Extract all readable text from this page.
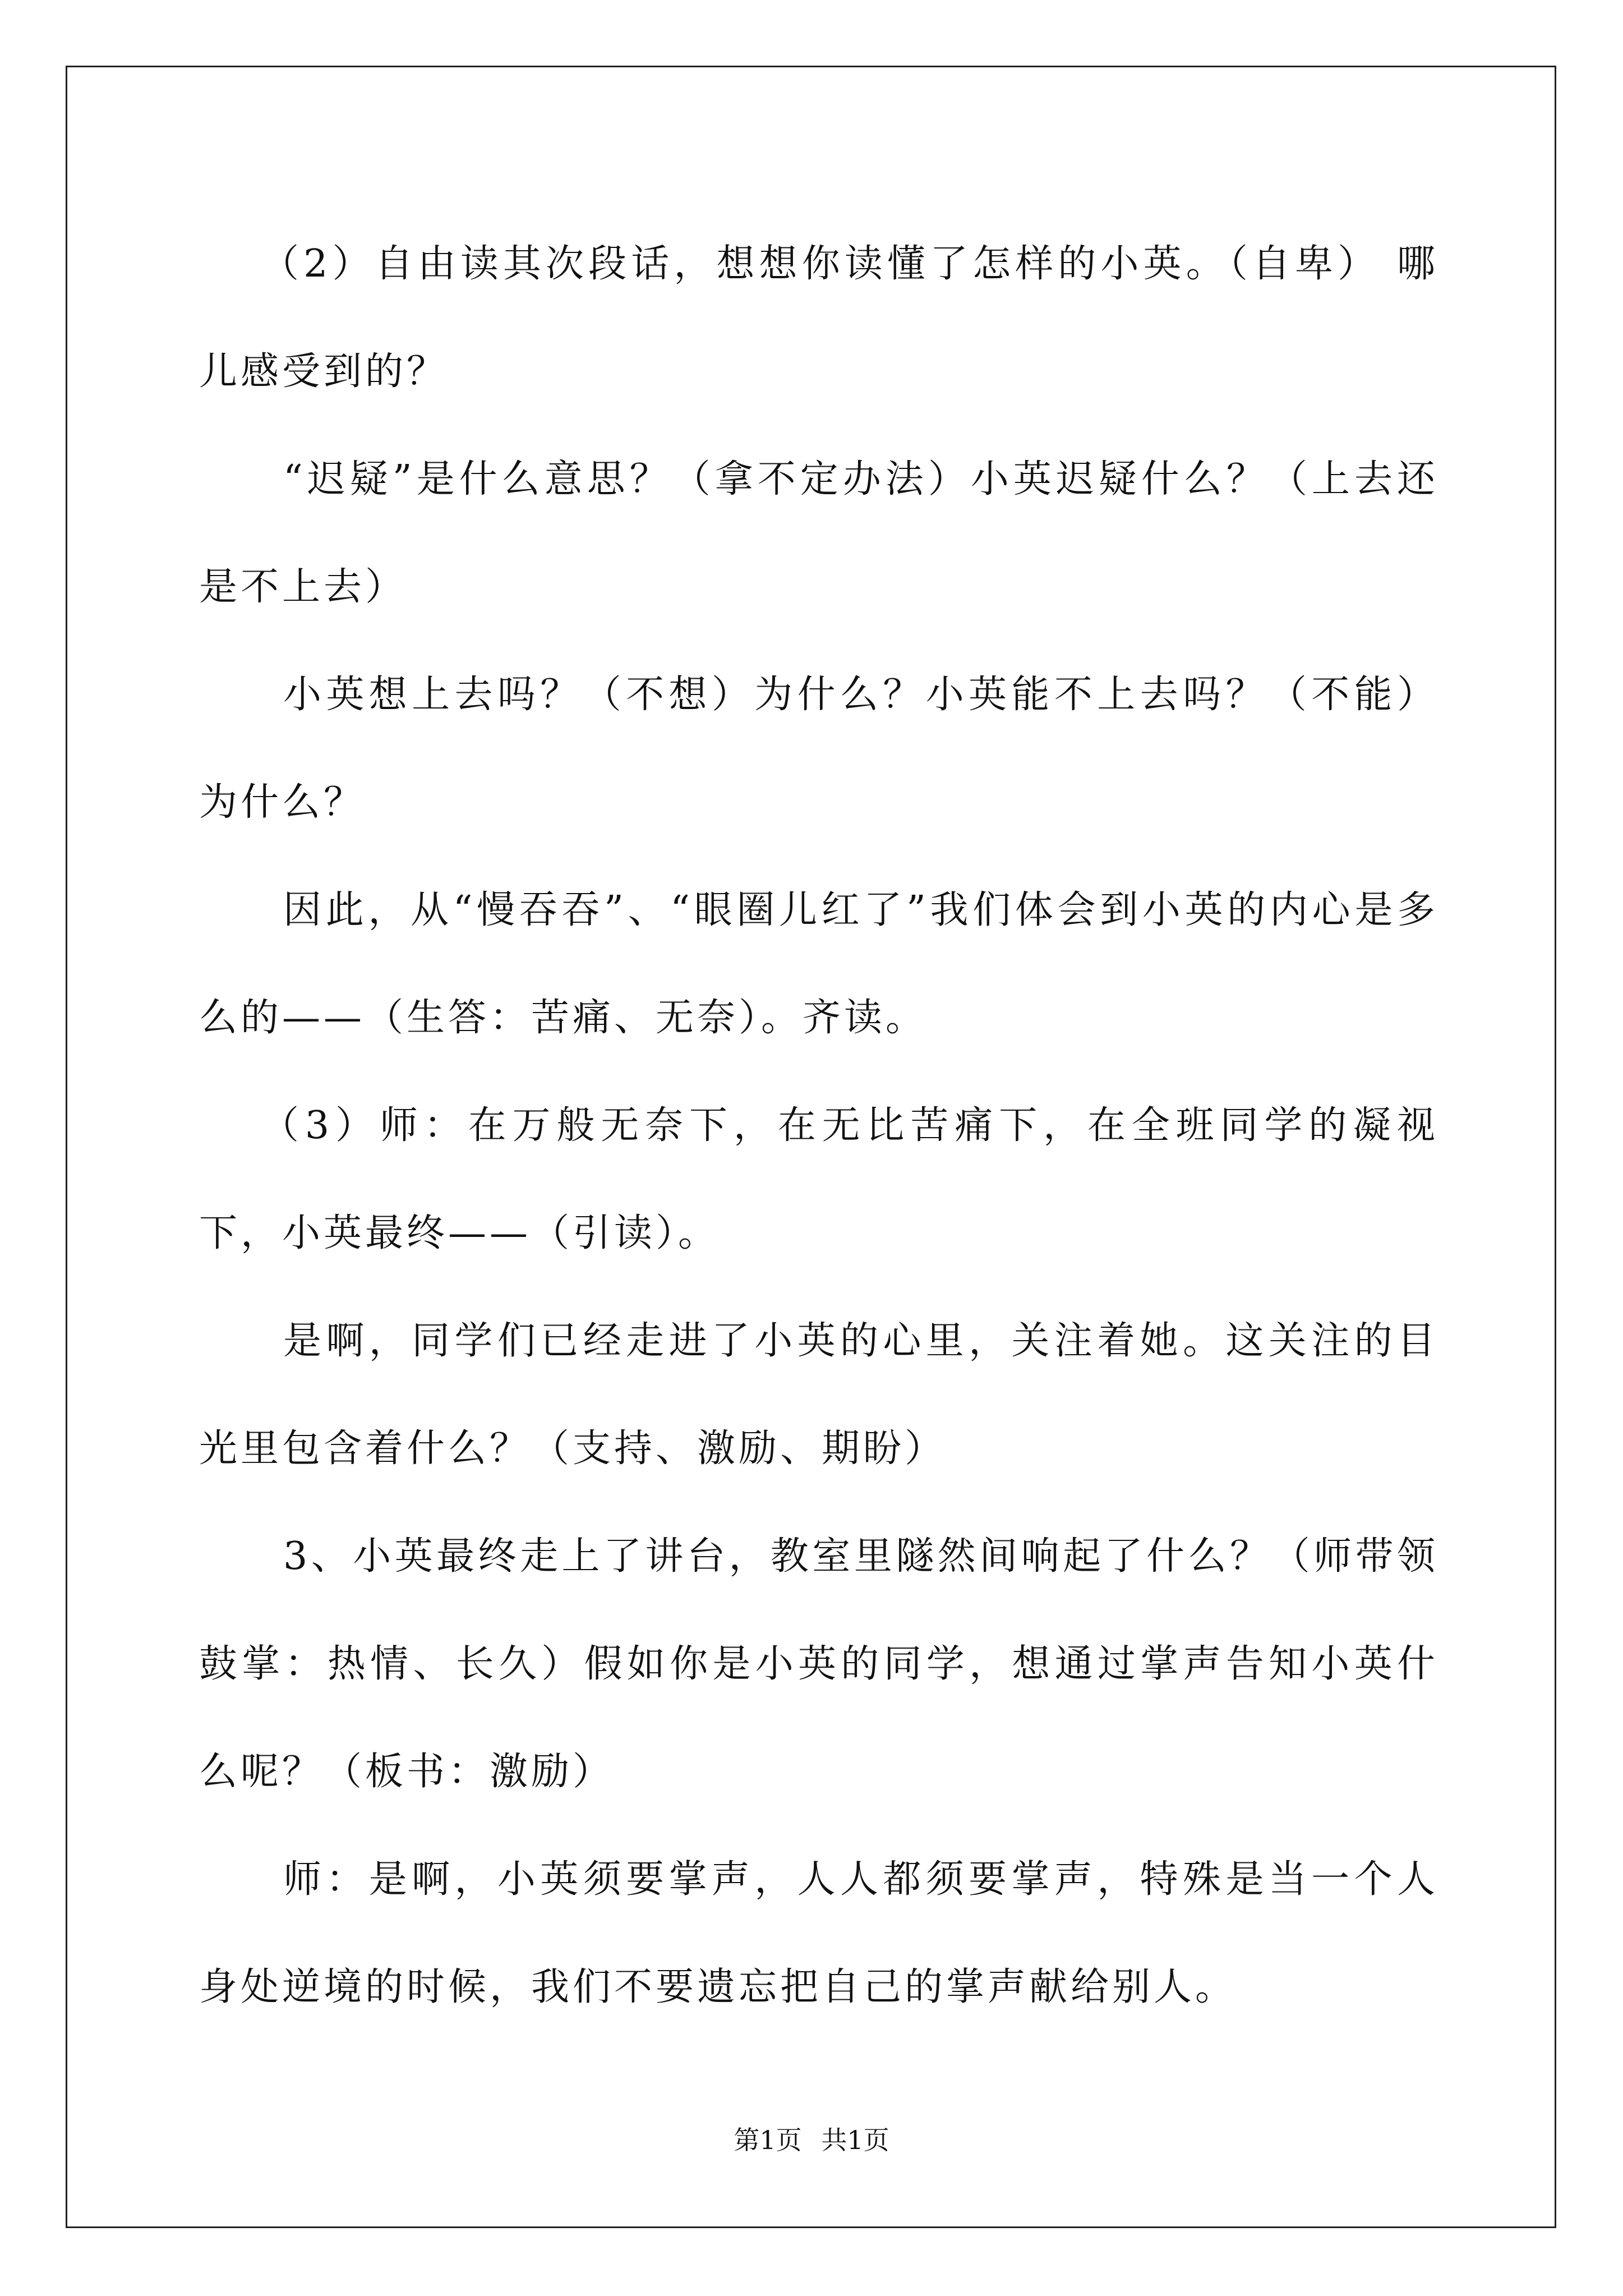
（2）自由读其次段话，想想你读懂了怎样的小英。（自卑） 哪儿感受到的？

“迟疑”是什么意思？（拿不定办法）小英迟疑什么？（上去还是不上去）

小英想上去吗？（不想）为什么？小英能不上去吗？（不能）为什么？

因此，从“慢吞吞”、“眼圈儿红了”我们体会到小英的内心是多么的——（生答：苦痛、无奈）。齐读。

（3）师：在万般无奈下，在无比苦痛下，在全班同学的凝视下，小英最终——（引读）。

是啊，同学们已经走进了小英的心里，关注着她。这关注的目光里包含着什么？（支持、激励、期盼）

3、小英最终走上了讲台，教室里隧然间响起了什么？（师带领鼓掌：热情、长久）假如你是小英的同学，想通过掌声告知小英什么呢？（板书：激励）

师：是啊，小英须要掌声，人人都须要掌声，特殊是当一个人身处逆境的时候，我们不要遗忘把自己的掌声献给别人。

第1页 共1页
